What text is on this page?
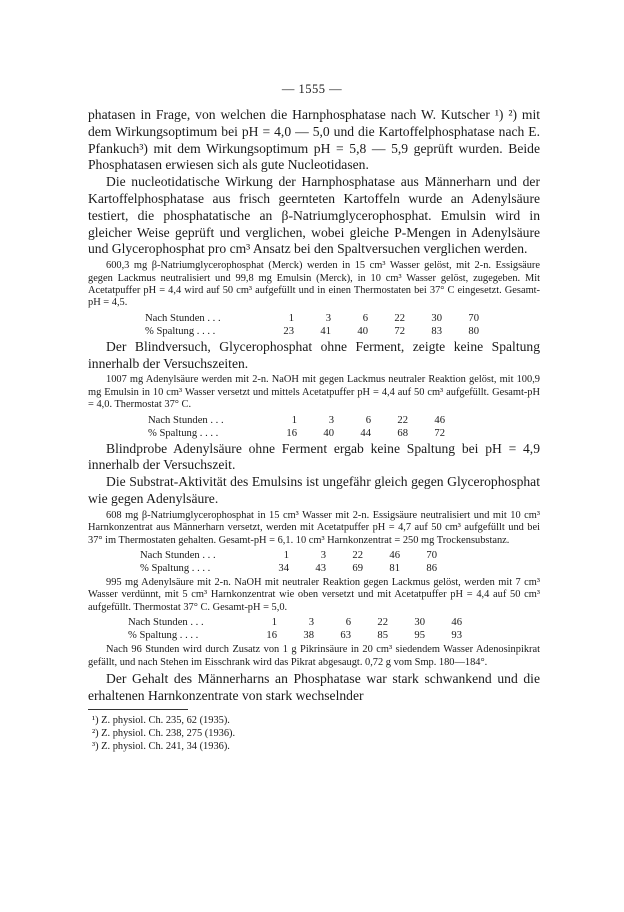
— 1555 —

phatasen in Frage, von welchen die Harnphosphatase nach W. Kutscher ¹) ²) mit dem Wirkungsoptimum bei pH = 4,0 — 5,0 und die Kartoffelphosphatase nach E. Pfankuch³) mit dem Wirkungsoptimum pH = 5,8 — 5,9 geprüft wurden. Beide Phosphatasen erwiesen sich als gute Nucleotidasen.

Die nucleotidatische Wirkung der Harnphosphatase aus Männerharn und der Kartoffelphosphatase aus frisch geernteten Kartoffeln wurde an Adenylsäure testiert, die phosphatatische an β-Natriumglycerophosphat. Emulsin wird in gleicher Weise geprüft und verglichen, wobei gleiche P-Mengen in Adenylsäure und Glycerophosphat pro cm³ Ansatz bei den Spaltversuchen verglichen werden.

600,3 mg β-Natriumglycerophosphat (Merck) werden in 15 cm³ Wasser gelöst, mit 2-n. Essigsäure gegen Lackmus neutralisiert und 99,8 mg Emulsin (Merck), in 10 cm³ Wasser gelöst, zugegeben. Mit Acetatpuffer pH = 4,4 wird auf 50 cm³ aufgefüllt und in einen Thermostaten bei 37° C eingesetzt. Gesamt-pH = 4,5.

Nach Stunden . . .	1	3	6	22	30	70
% Spaltung . . . .	23	41	40	72	83	80

Der Blindversuch, Glycerophosphat ohne Ferment, zeigte keine Spaltung innerhalb der Versuchszeiten.

1007 mg Adenylsäure werden mit 2-n. NaOH mit gegen Lackmus neutraler Reaktion gelöst, mit 100,9 mg Emulsin in 10 cm³ Wasser versetzt und mittels Acetatpuffer pH = 4,4 auf 50 cm³ aufgefüllt. Gesamt-pH = 4,0. Thermostat 37° C.

Nach Stunden . . .	1	3	6	22	46
% Spaltung . . . .	16	40	44	68	72

Blindprobe Adenylsäure ohne Ferment ergab keine Spaltung bei pH = 4,9 innerhalb der Versuchszeit.

Die Substrat-Aktivität des Emulsins ist ungefähr gleich gegen Glycerophosphat wie gegen Adenylsäure.

608 mg β-Natriumglycerophosphat in 15 cm³ Wasser mit 2-n. Essigsäure neutralisiert und mit 10 cm³ Harnkonzentrat aus Männerharn versetzt, werden mit Acetatpuffer pH = 4,7 auf 50 cm³ aufgefüllt und bei 37° im Thermostaten gehalten. Gesamt-pH = 6,1. 10 cm³ Harnkonzentrat = 250 mg Trockensubstanz.

Nach Stunden . . .	1	3	22	46	70
% Spaltung . . . .	34	43	69	81	86

995 mg Adenylsäure mit 2-n. NaOH mit neutraler Reaktion gegen Lackmus gelöst, werden mit 7 cm³ Wasser verdünnt, mit 5 cm³ Harnkonzentrat wie oben versetzt und mit Acetatpuffer pH = 4,4 auf 50 cm³ aufgefüllt. Thermostat 37° C. Gesamt-pH = 5,0.

Nach Stunden . . .	1	3	6	22	30	46
% Spaltung . . . .	16	38	63	85	95	93

Nach 96 Stunden wird durch Zusatz von 1 g Pikrinsäure in 20 cm³ siedendem Wasser Adenosinpikrat gefällt, und nach Stehen im Eisschrank wird das Pikrat abgesaugt. 0,72 g vom Smp. 180—184°.

Der Gehalt des Männerharns an Phosphatase war stark schwankend und die erhaltenen Harnkonzentrate von stark wechselnder

¹) Z. physiol. Ch. 235, 62 (1935).

²) Z. physiol. Ch. 238, 275 (1936).

³) Z. physiol. Ch. 241, 34 (1936).
